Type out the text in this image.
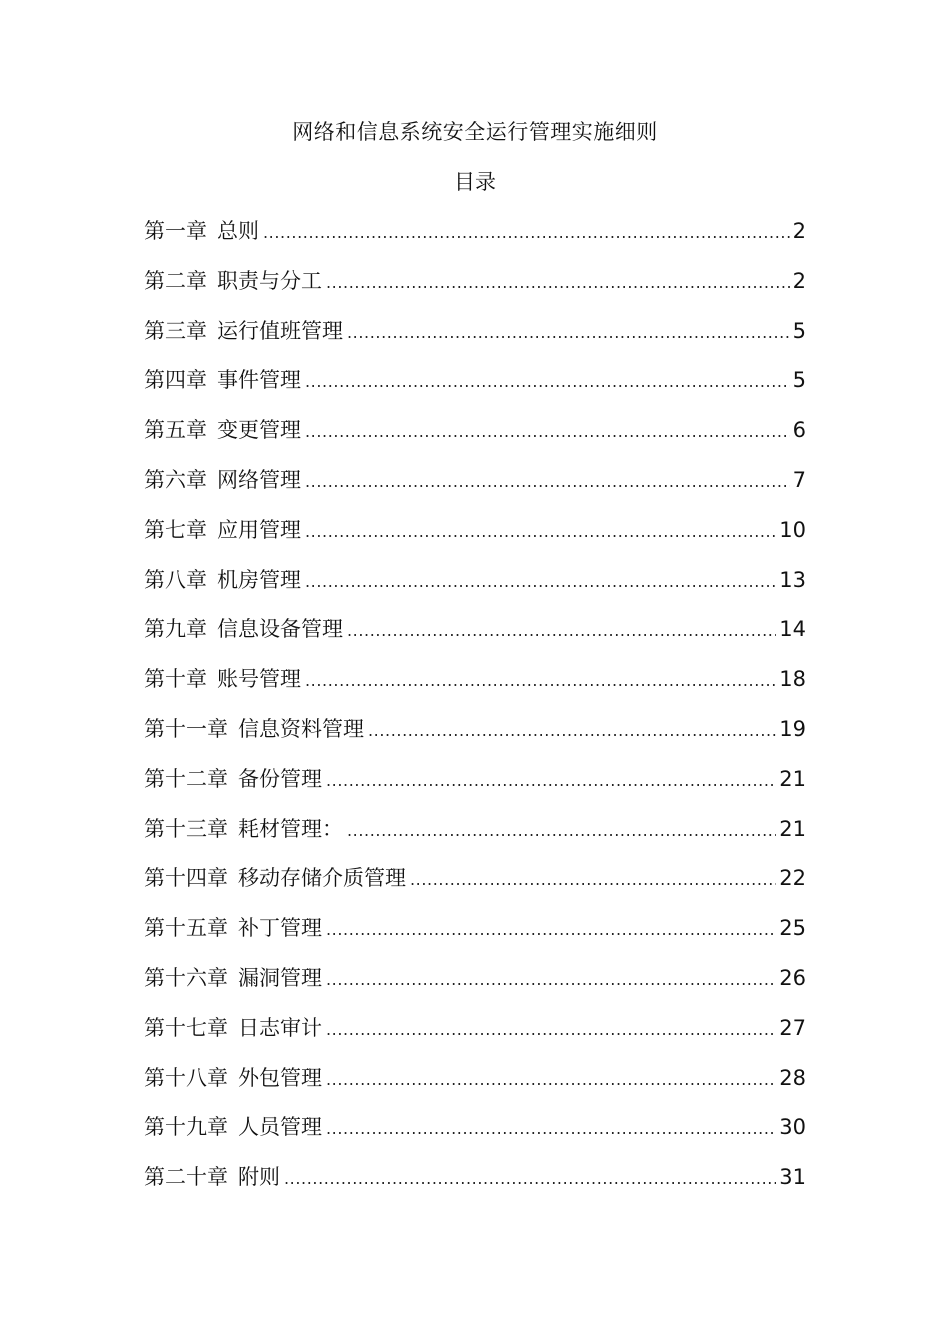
网络和信息系统安全运行管理实施细则
目录
第一章 总则 .....	2
第二章 职责与分工 .....	2
第三章 运行值班管理 .....	5
第四章 事件管理 .....	5
第五章 变更管理 .....	6
第六章 网络管理 .....	7
第七章 应用管理 .....	10
第八章 机房管理 .....	13
第九章 信息设备管理 .....	14
第十章 账号管理 .....	18
第十一章 信息资料管理 .....	19
第十二章 备份管理 .....	21
第十三章 耗材管理： .....	21
第十四章 移动存储介质管理 .....	22
第十五章 补丁管理 .....	25
第十六章 漏洞管理 .....	26
第十七章 日志审计 .....	27
第十八章 外包管理 .....	28
第十九章 人员管理 .....	30
第二十章 附则 .....	31
